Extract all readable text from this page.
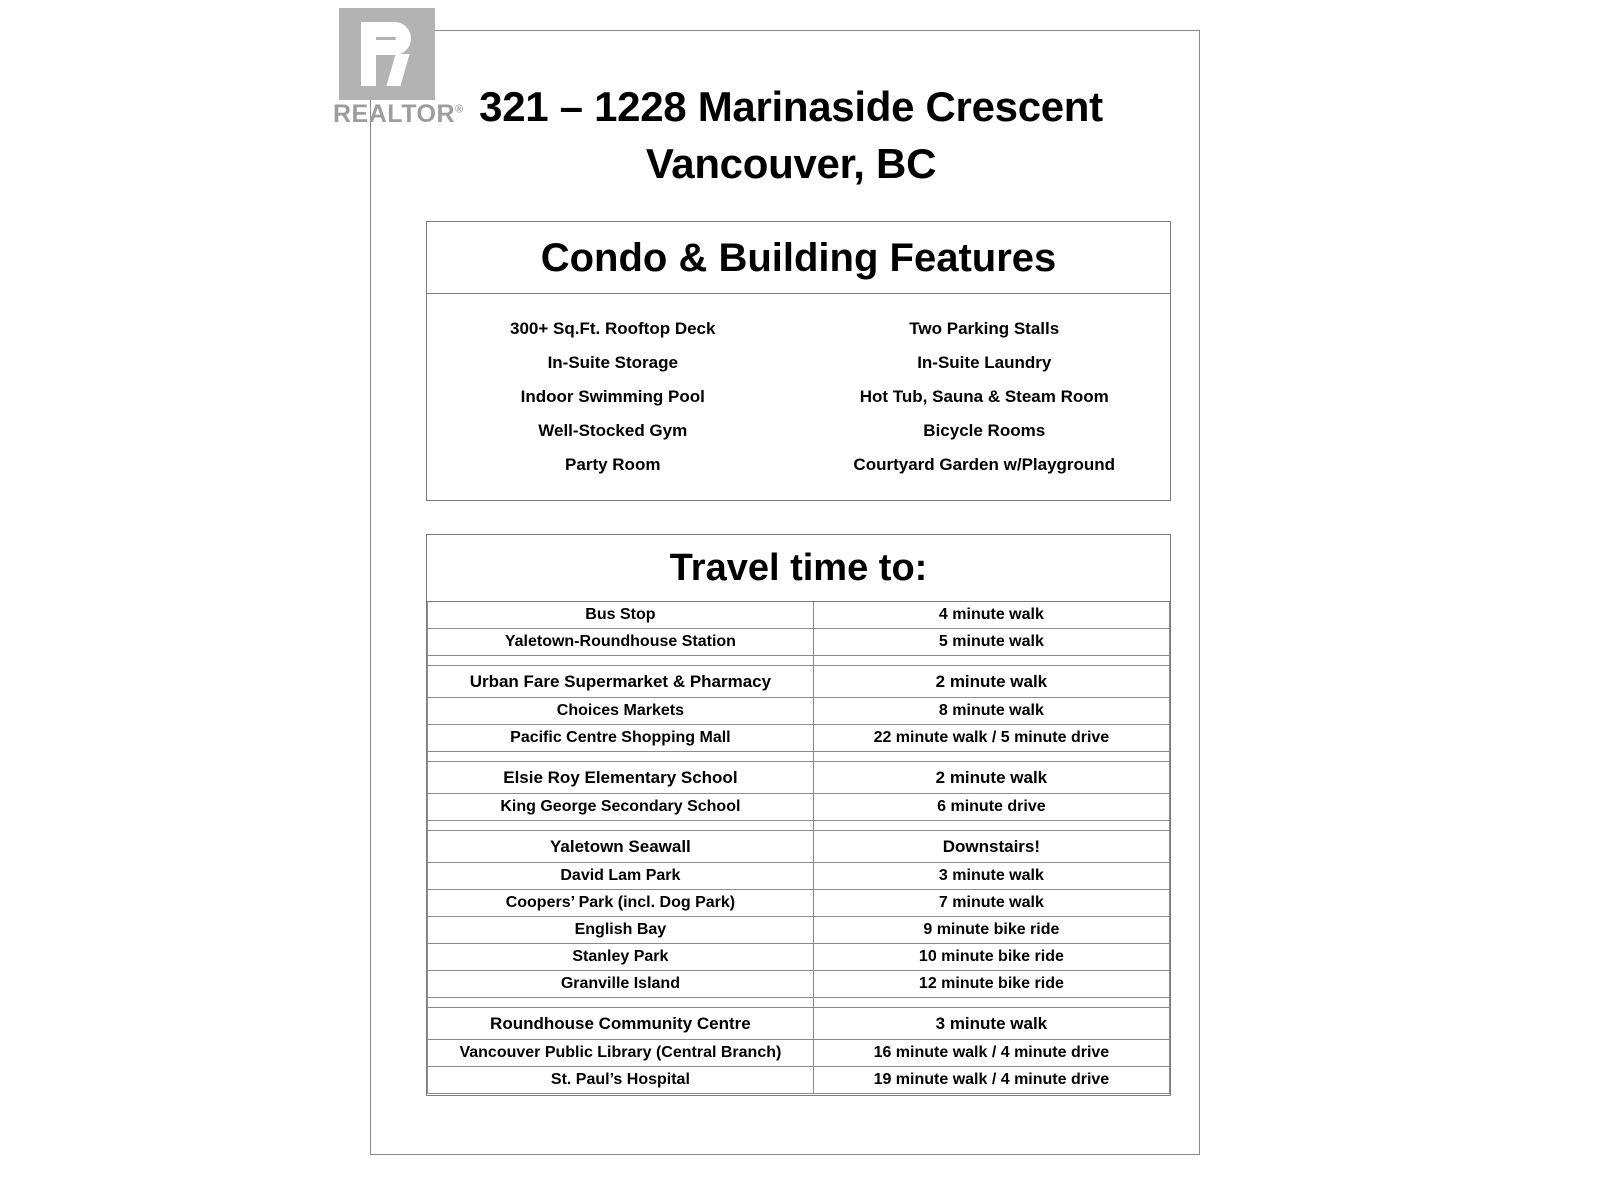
321 – 1228 Marinaside Crescent
Vancouver, BC
Condo & Building Features
300+ Sq.Ft. Rooftop Deck
In-Suite Storage
Indoor Swimming Pool
Well-Stocked Gym
Party Room
Two Parking Stalls
In-Suite Laundry
Hot Tub, Sauna & Steam Room
Bicycle Rooms
Courtyard Garden w/Playground
Travel time to:
Bus Stop	4 minute walk
Yaletown-Roundhouse Station	5 minute walk

Urban Fare Supermarket & Pharmacy	2 minute walk
Choices Markets	8 minute walk
Pacific Centre Shopping Mall	22 minute walk / 5 minute drive

Elsie Roy Elementary School	2 minute walk
King George Secondary School	6 minute drive

Yaletown Seawall	Downstairs!
David Lam Park	3 minute walk
Coopers’ Park (incl. Dog Park)	7 minute walk
English Bay	9 minute bike ride
Stanley Park	10 minute bike ride
Granville Island	12 minute bike ride

Roundhouse Community Centre	3 minute walk
Vancouver Public Library (Central Branch)	16 minute walk / 4 minute drive
St. Paul’s Hospital	19 minute walk / 4 minute drive
REALTOR®
